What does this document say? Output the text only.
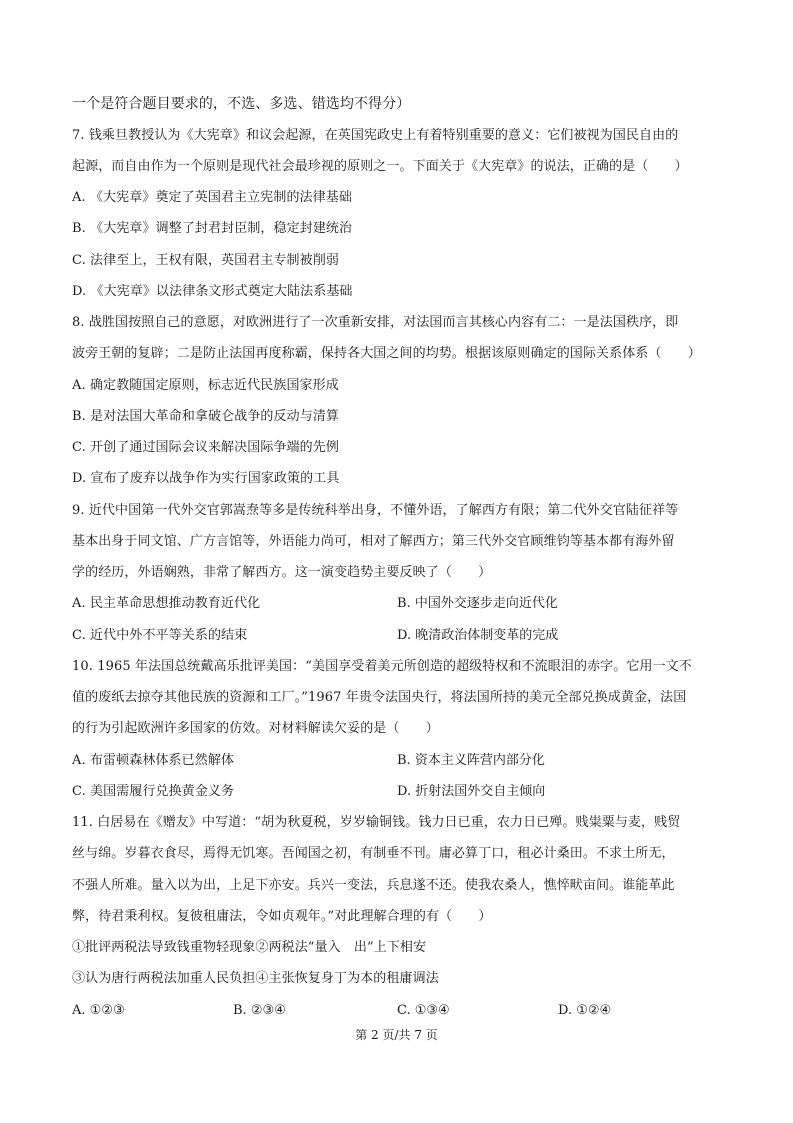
一个是符合题目要求的，不选、多选、错选均不得分）
7. 钱乘旦教授认为《大宪章》和议会起源，在英国宪政史上有着特别重要的意义：它们被视为国民自由的
起源，而自由作为一个原则是现代社会最珍视的原则之一。下面关于《大宪章》的说法，正确的是（　　）
A. 《大宪章》奠定了英国君主立宪制的法律基础
B. 《大宪章》调整了封君封臣制，稳定封建统治
C. 法律至上，王权有限，英国君主专制被削弱
D. 《大宪章》以法律条文形式奠定大陆法系基础
8. 战胜国按照自己的意愿，对欧洲进行了一次重新安排，对法国而言其核心内容有二：一是法国秩序，即
波旁王朝的复辟；二是防止法国再度称霸，保持各大国之间的均势。根据该原则确定的国际关系体系（　　）
A. 确定教随国定原则，标志近代民族国家形成
B. 是对法国大革命和拿破仑战争的反动与清算
C. 开创了通过国际会议来解决国际争端的先例
D. 宣布了废弃以战争作为实行国家政策的工具
9. 近代中国第一代外交官郭嵩焘等多是传统科举出身，不懂外语，了解西方有限；第二代外交官陆征祥等
基本出身于同文馆、广方言馆等，外语能力尚可，相对了解西方；第三代外交官顾维钧等基本都有海外留
学的经历，外语娴熟，非常了解西方。这一演变趋势主要反映了（　　）
A. 民主革命思想推动教育近代化	B. 中国外交逐步走向近代化
C. 近代中外不平等关系的结束	D. 晚清政治体制变革的完成
10. 1965 年法国总统戴高乐批评美国：“美国享受着美元所创造的超级特权和不流眼泪的赤字。它用一文不
值的废纸去掠夺其他民族的资源和工厂。”1967 年贵令法国央行，将法国所持的美元全部兑换成黄金，法国
的行为引起欧洲许多国家的仿效。对材料解读欠妥的是（　　）
A. 布雷顿森林体系已然解体	B. 资本主义阵营内部分化
C. 美国需履行兑换黄金义务	D. 折射法国外交自主倾向
11. 白居易在《赠友》中写道：“胡为秋夏税，岁岁输铜钱。钱力日已重，农力日已殚。贱粜粟与麦，贱贸
丝与绵。岁暮衣食尽，焉得无饥寒。吾闻国之初，有制垂不刊。庸必算丁口，租必计桑田。不求土所无，
不强人所难。量入以为出，上足下亦安。兵兴一变法，兵息遂不还。使我农桑人，憔悴畎亩间。谁能革此
弊，待君秉利权。复彼租庸法，令如贞观年。”对此理解合理的有（　　）
①批评两税法导致钱重物轻现象②两税法“量入　出”上下相安
③认为唐行两税法加重人民负担④主张恢复身丁为本的租庸调法
A. ①②③	B. ②③④	C. ①③④	D. ①②④
第 2 页/共 7 页
